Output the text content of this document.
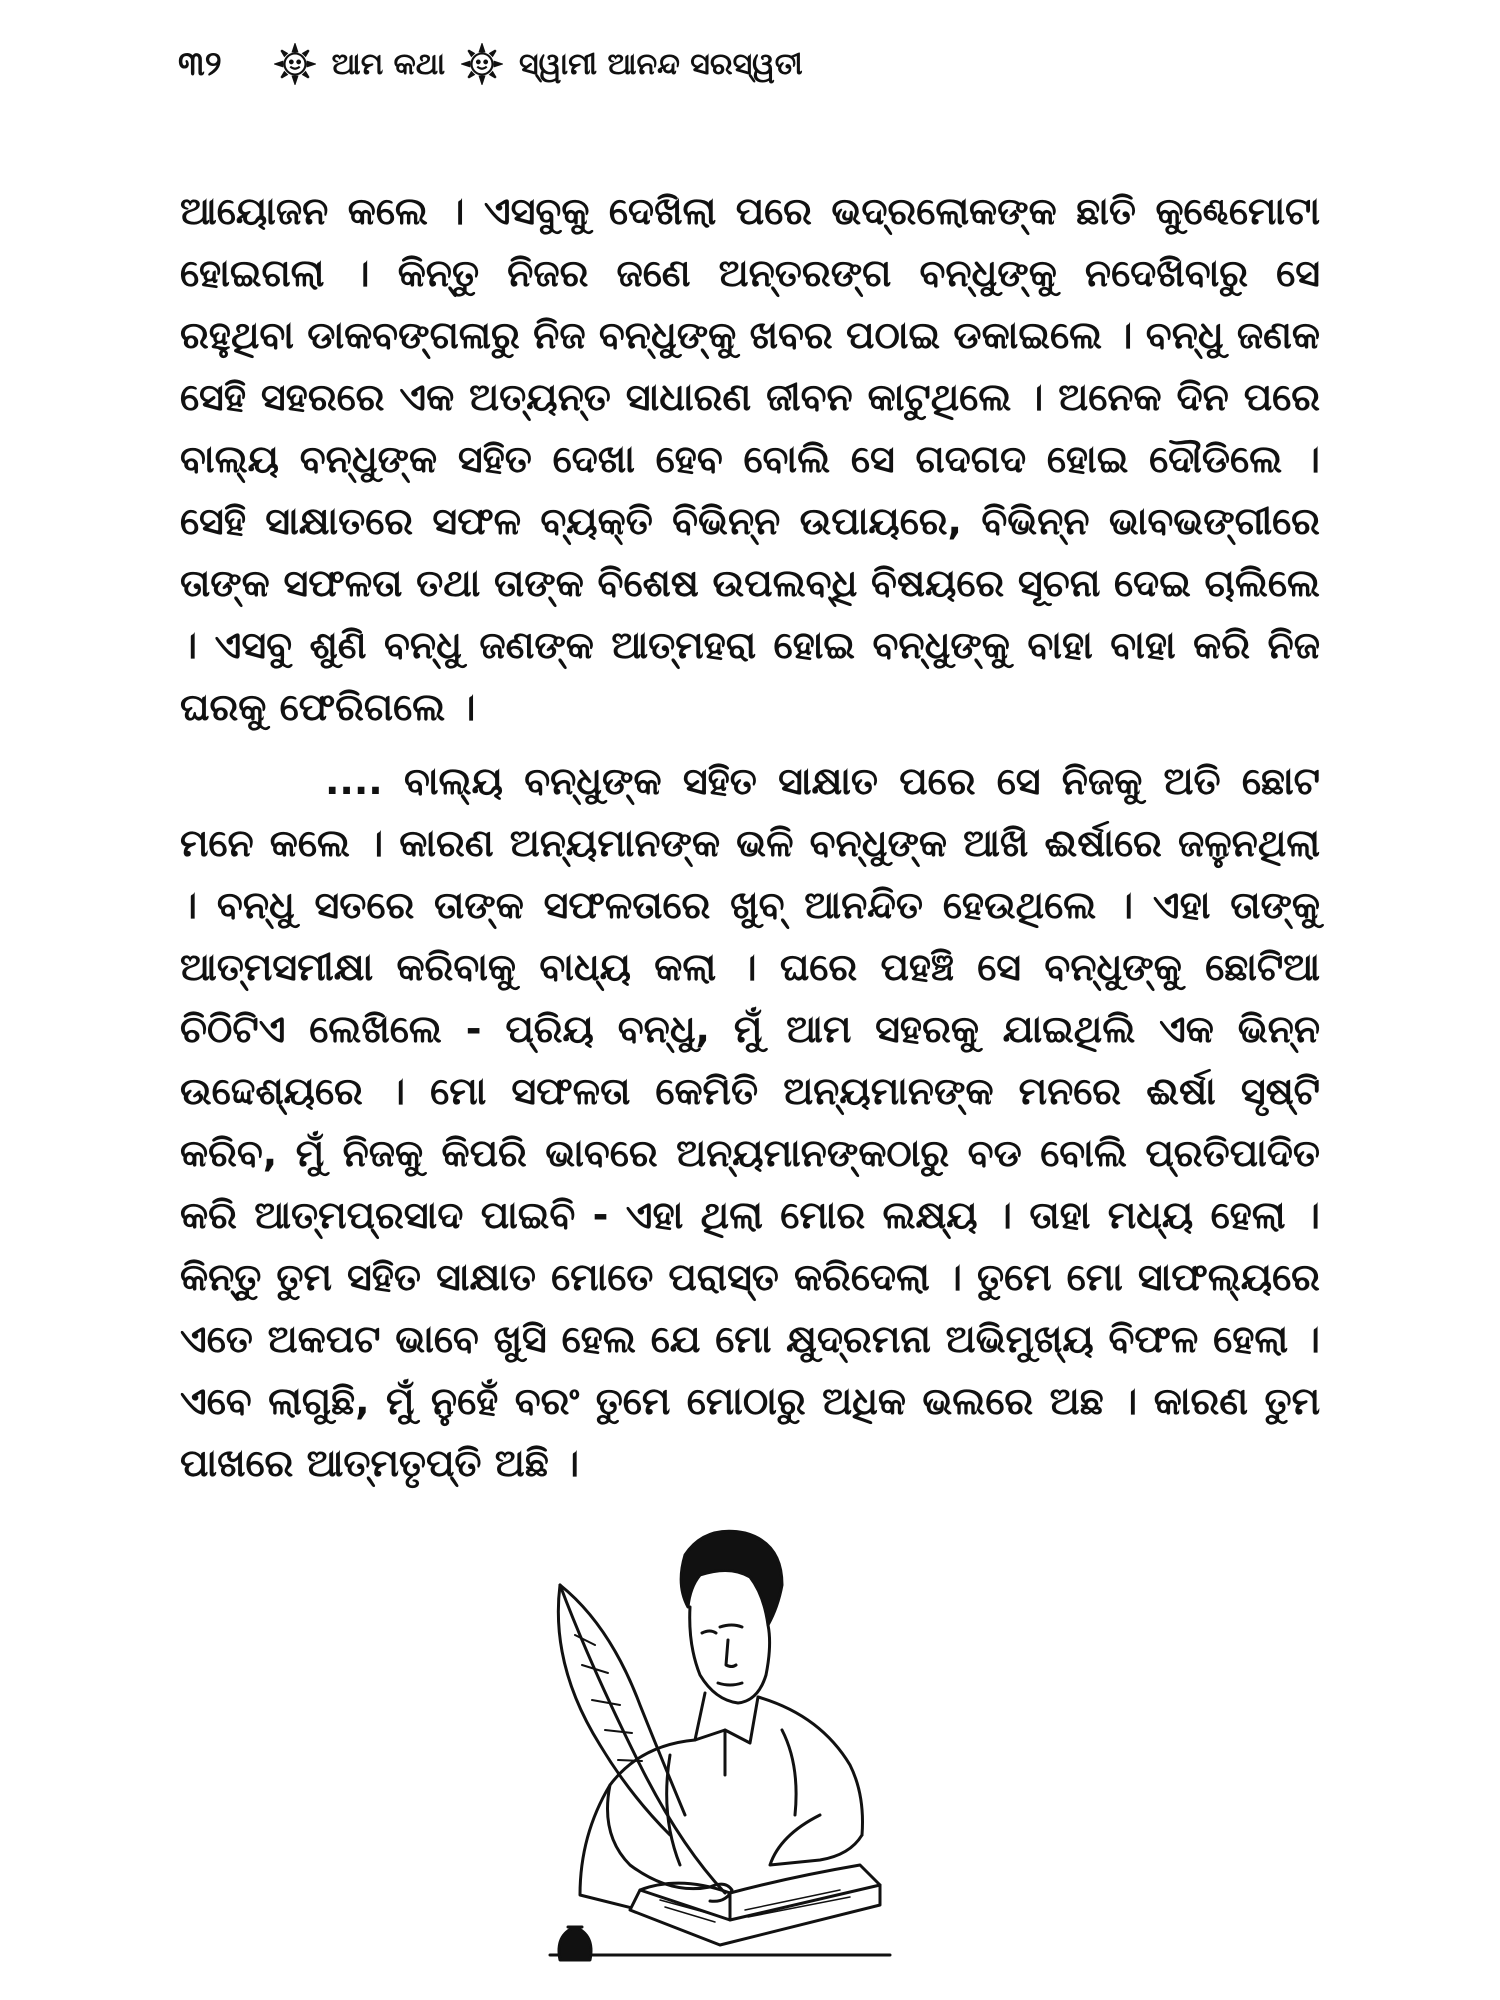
୩୨	ଆମ କଥା ସ୍ୱାମୀ ଆନନ୍ଦ ସରସ୍ୱତୀ

ଆୟୋଜନ କଲେ । ଏସବୁକୁ ଦେଖିଲା ପରେ ଭଦ୍ରଲୋକଙ୍କ ଛାତି କୁଣ୍ଢେମୋଟା ହୋଇଗଲା । କିନ୍ତୁ ନିଜର ଜଣେ ଅନ୍ତରଙ୍ଗ ବନ୍ଧୁଙ୍କୁ ନଦେଖିବାରୁ ସେ ରହୁଥିବା ଡାକବଙ୍ଗଳାରୁ ନିଜ ବନ୍ଧୁଙ୍କୁ ଖବର ପଠାଇ ଡକାଇଲେ । ବନ୍ଧୁ ଜଣକ ସେହି ସହରରେ ଏକ ଅତ୍ୟନ୍ତ ସାଧାରଣ ଜୀବନ କାଟୁଥିଲେ । ଅନେକ ଦିନ ପରେ ବାଲ୍ୟ ବନ୍ଧୁଙ୍କ ସହିତ ଦେଖା ହେବ ବୋଲି ସେ ଗଦଗଦ ହୋଇ ଦୌଡିଲେ । ସେହି ସାକ୍ଷାତରେ ସଫଳ ବ୍ୟକ୍ତି ବିଭିନ୍ନ ଉପାୟରେ, ବିଭିନ୍ନ ଭାବଭଙ୍ଗୀରେ ତାଙ୍କ ସଫଳତା ତଥା ତାଙ୍କ ବିଶେଷ ଉପଲବ୍ଧି ବିଷୟରେ ସୂଚନା ଦେଇ ଚାଲିଲେ । ଏସବୁ ଶୁଣି ବନ୍ଧୁ ଜଣଙ୍କ ଆତ୍ମହରା ହୋଇ ବନ୍ଧୁଙ୍କୁ ବାହା ବାହା କରି ନିଜ ଘରକୁ ଫେରିଗଲେ ।

.... ବାଲ୍ୟ ବନ୍ଧୁଙ୍କ ସହିତ ସାକ୍ଷାତ ପରେ ସେ ନିଜକୁ ଅତି ଛୋଟ ମନେ କଲେ । କାରଣ ଅନ୍ୟମାନଙ୍କ ଭଳି ବନ୍ଧୁଙ୍କ ଆଖି ଈର୍ଷାରେ ଜଳୁନଥିଲା । ବନ୍ଧୁ ସତରେ ତାଙ୍କ ସଫଳତାରେ ଖୁବ୍ ଆନନ୍ଦିତ ହେଉଥିଲେ । ଏହା ତାଙ୍କୁ ଆତ୍ମସମୀକ୍ଷା କରିବାକୁ ବାଧ୍ୟ କଲା । ଘରେ ପହଞ୍ଚି ସେ ବନ୍ଧୁଙ୍କୁ ଛୋଟିଆ ଚିଠିଟିଏ ଲେଖିଲେ - ପ୍ରିୟ ବନ୍ଧୁ, ମୁଁ ଆମ ସହରକୁ ଯାଇଥିଲି ଏକ ଭିନ୍ନ ଉଦ୍ଦେଶ୍ୟରେ । ମୋ ସଫଳତା କେମିତି ଅନ୍ୟମାନଙ୍କ ମନରେ ଈର୍ଷା ସୃଷ୍ଟି କରିବ, ମୁଁ ନିଜକୁ କିପରି ଭାବରେ ଅନ୍ୟମାନଙ୍କଠାରୁ ବଡ ବୋଲି ପ୍ରତିପାଦିତ କରି ଆତ୍ମପ୍ରସାଦ ପାଇବି - ଏହା ଥିଲା ମୋର ଲକ୍ଷ୍ୟ । ତାହା ମଧ୍ୟ ହେଲା । କିନ୍ତୁ ତୁମ ସହିତ ସାକ୍ଷାତ ମୋତେ ପରାସ୍ତ କରିଦେଲା । ତୁମେ ମୋ ସାଫଲ୍ୟରେ ଏତେ ଅକପଟ ଭାବେ ଖୁସି ହେଲ ଯେ ମୋ କ୍ଷୁଦ୍ରମନା ଅଭିମୁଖ୍ୟ ବିଫଳ ହେଲା । ଏବେ ଲାଗୁଛି, ମୁଁ ନୁହେଁ ବରଂ ତୁମେ ମୋଠାରୁ ଅଧିକ ଭଲରେ ଅଛ । କାରଣ ତୁମ ପାଖରେ ଆତ୍ମତୃପ୍ତି ଅଛି ।
